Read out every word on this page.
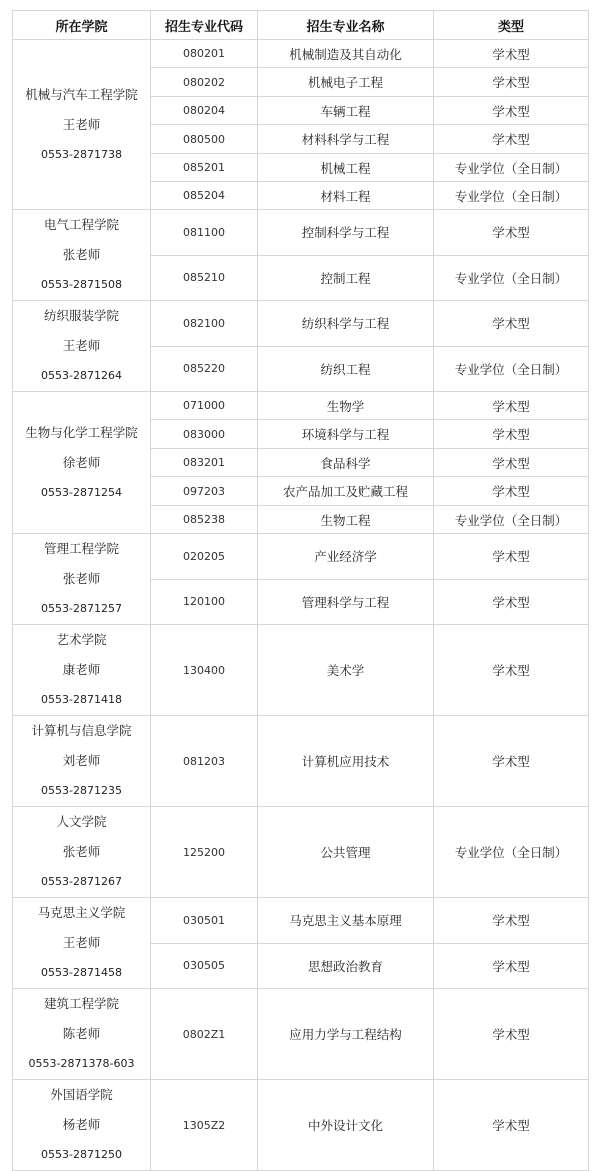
所在学院	招生专业代码	招生专业名称	类型

机械与汽车工程学院
王老师
0553-2871738	080201	机械制造及其自动化	学术型
	080202	机械电子工程	学术型
	080204	车辆工程	学术型
	080500	材料科学与工程	学术型
	085201	机械工程	专业学位（全日制）
	085204	材料工程	专业学位（全日制）

电气工程学院
张老师
0553-2871508	081100	控制科学与工程	学术型
	085210	控制工程	专业学位（全日制）

纺织服装学院
王老师
0553-2871264	082100	纺织科学与工程	学术型
	085220	纺织工程	专业学位（全日制）

生物与化学工程学院
徐老师
0553-2871254	071000	生物学	学术型
	083000	环境科学与工程	学术型
	083201	食品科学	学术型
	097203	农产品加工及贮藏工程	学术型
	085238	生物工程	专业学位（全日制）

管理工程学院
张老师
0553-2871257	020205	产业经济学	学术型
	120100	管理科学与工程	学术型

艺术学院
康老师
0553-2871418	130400	美术学	学术型

计算机与信息学院
刘老师
0553-2871235	081203	计算机应用技术	学术型

人文学院
张老师
0553-2871267	125200	公共管理	专业学位（全日制）

马克思主义学院
王老师
0553-2871458	030501	马克思主义基本原理	学术型
	030505	思想政治教育	学术型

建筑工程学院
陈老师
0553-2871378-603	0802Z1	应用力学与工程结构	学术型

外国语学院
杨老师
0553-2871250	1305Z2	中外设计文化	学术型
